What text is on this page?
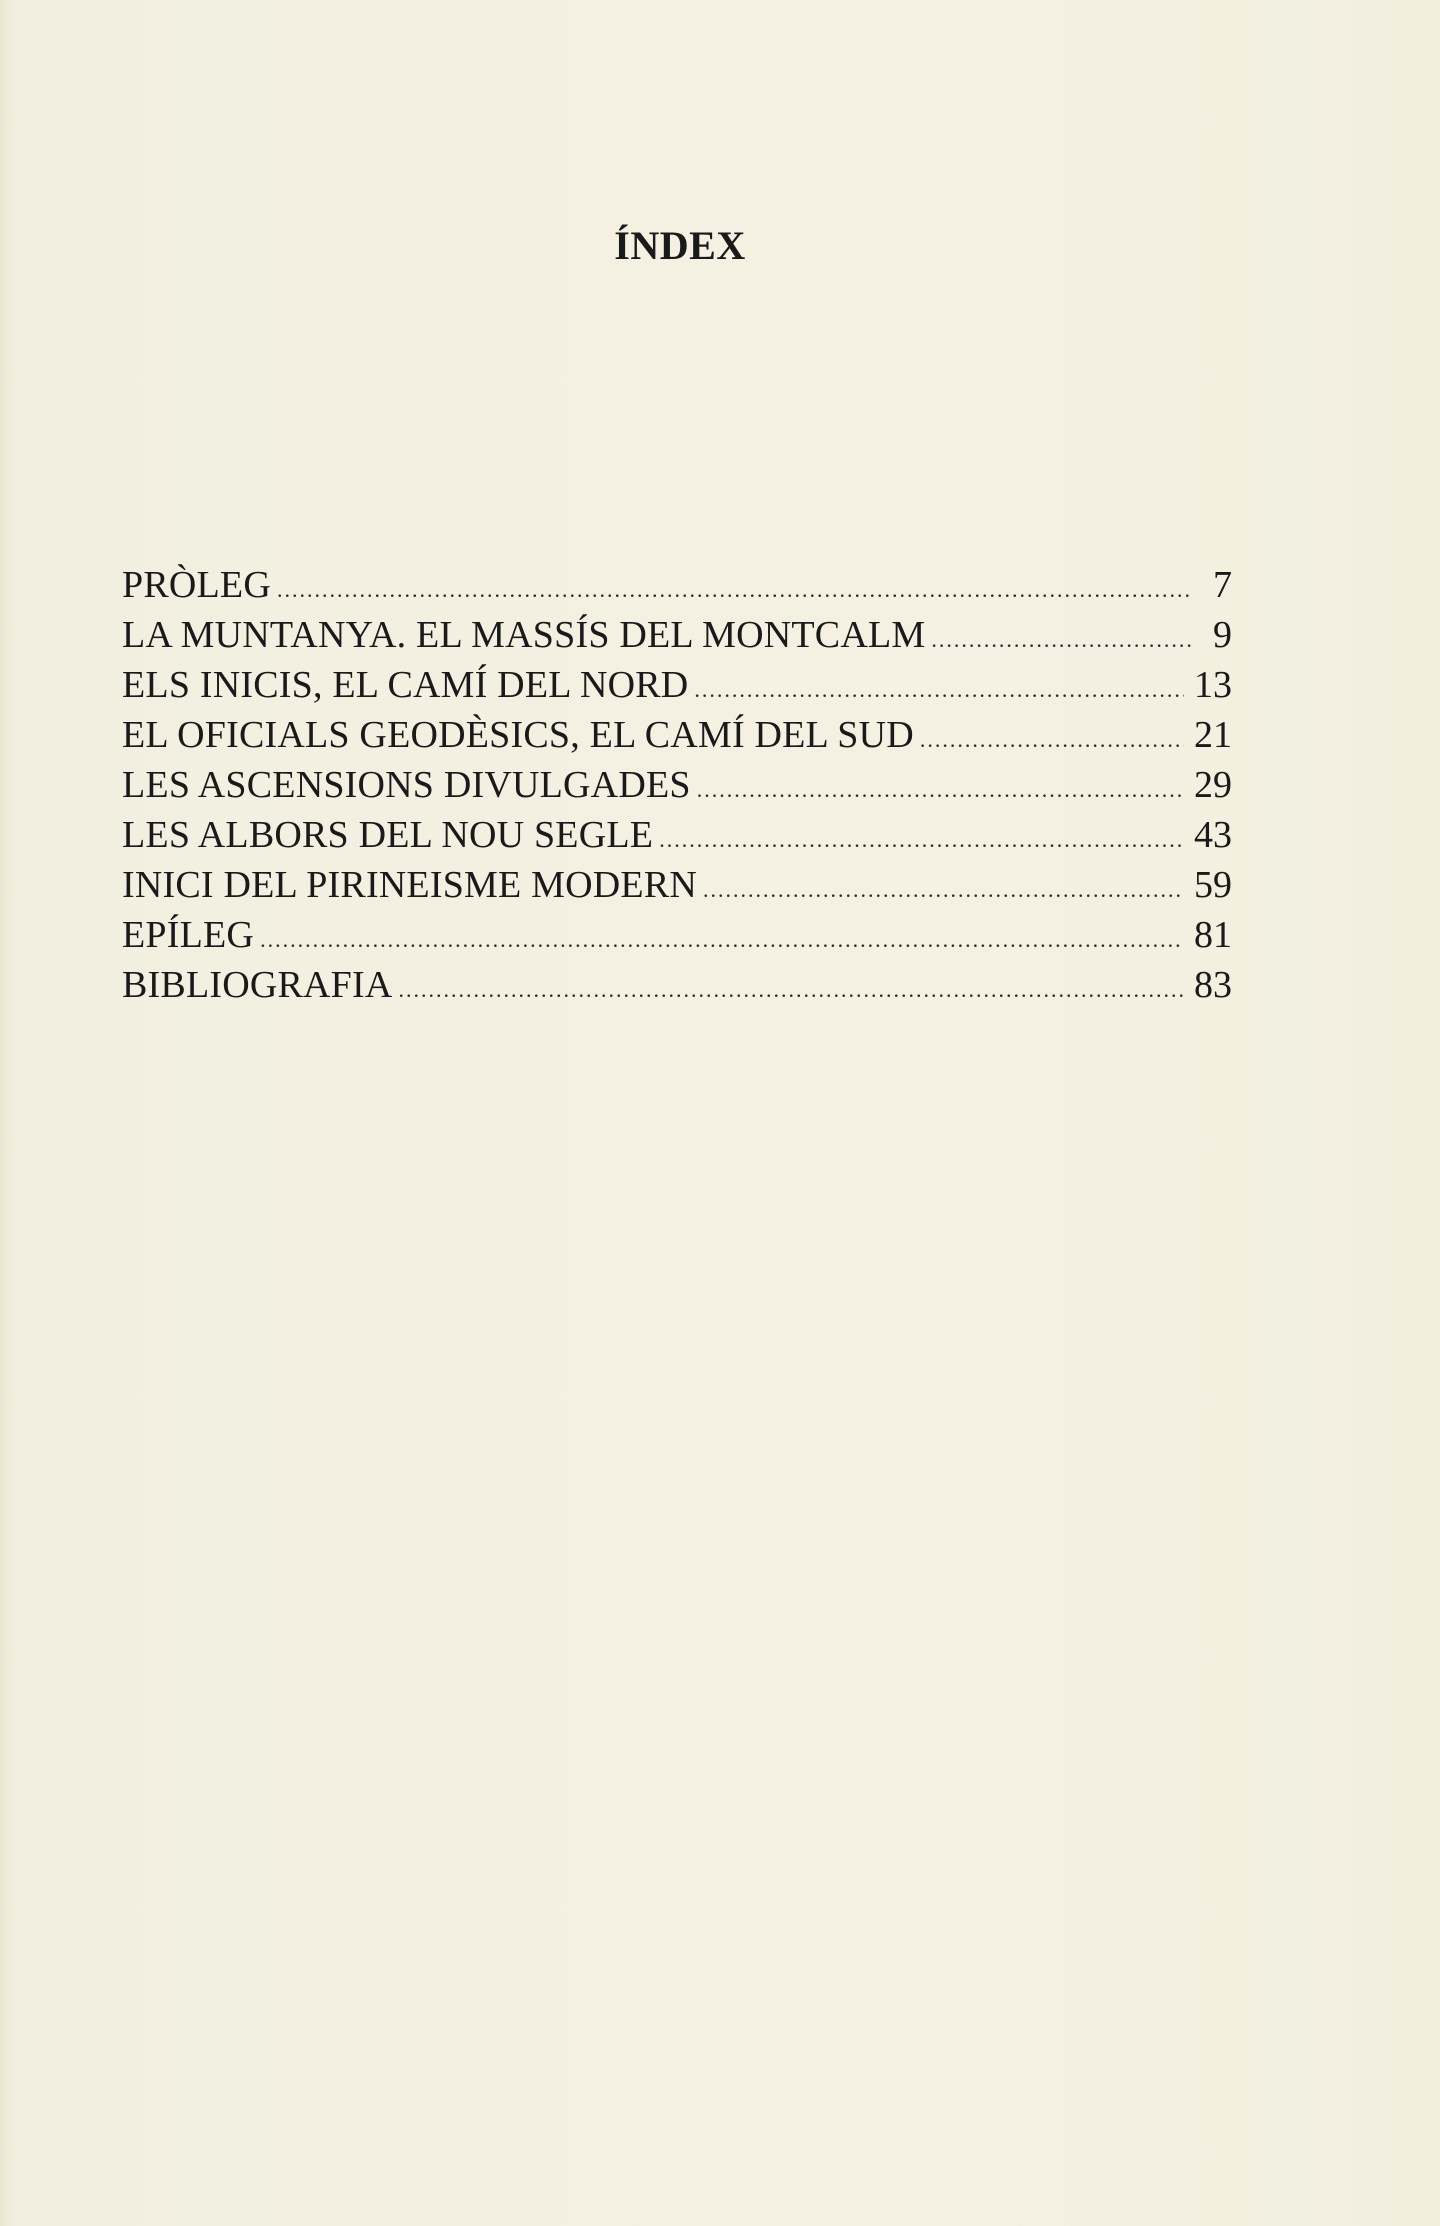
ÍNDEX
PRÒLEG .....	7
LA MUNTANYA. EL MASSÍS DEL MONTCALM .....	9
ELS INICIS, EL CAMÍ DEL NORD .....	13
EL OFICIALS GEODÈSICS, EL CAMÍ DEL SUD .....	21
LES ASCENSIONS DIVULGADES .....	29
LES ALBORS DEL NOU SEGLE .....	43
INICI DEL PIRINEISME MODERN .....	59
EPÍLEG .....	81
BIBLIOGRAFIA .....	83
